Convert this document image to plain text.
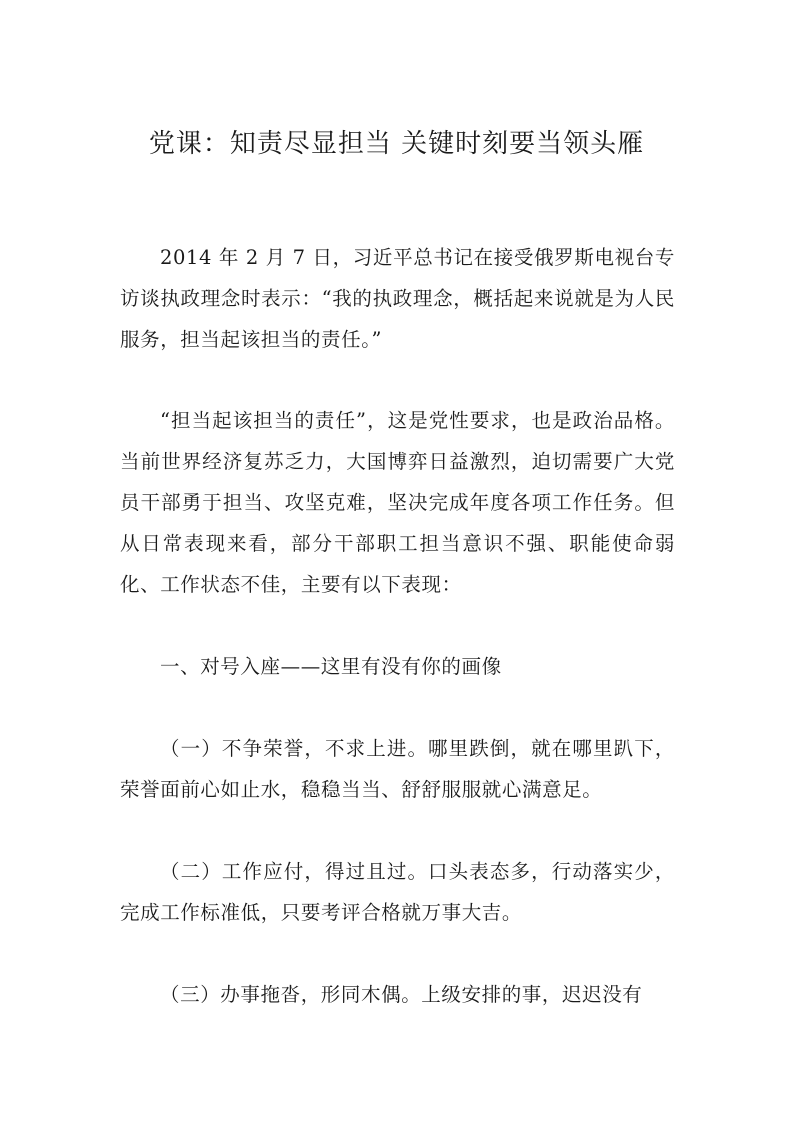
党课：知责尽显担当 关键时刻要当领头雁

2014 年 2 月 7 日，习近平总书记在接受俄罗斯电视台专访谈执政理念时表示：“我的执政理念，概括起来说就是为人民服务，担当起该担当的责任。”

“担当起该担当的责任”，这是党性要求，也是政治品格。当前世界经济复苏乏力，大国博弈日益激烈，迫切需要广大党员干部勇于担当、攻坚克难，坚决完成年度各项工作任务。但从日常表现来看，部分干部职工担当意识不强、职能使命弱化、工作状态不佳，主要有以下表现：

一、对号入座——这里有没有你的画像

（一）不争荣誉，不求上进。哪里跌倒，就在哪里趴下，荣誉面前心如止水，稳稳当当、舒舒服服就心满意足。

（二）工作应付，得过且过。口头表态多，行动落实少，完成工作标准低，只要考评合格就万事大吉。

（三）办事拖沓，形同木偶。上级安排的事，迟迟没有
